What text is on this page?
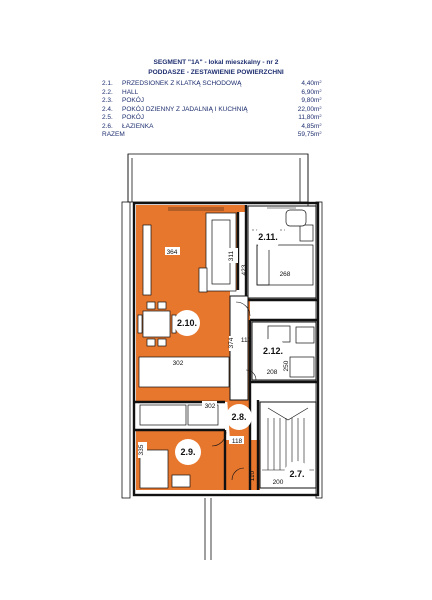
SEGMENT "1A" - lokal mieszkalny - nr 2
PODDASZE - ZESTAWIENIE POWIERZCHNI
2.1.	PRZEDSIONEK Z KLATKĄ SCHODOWĄ	4,40	$m^2$
2.2.	HALL	6,90	$m^2$
2.3.	POKÓJ	9,80	$m^2$
2.4.	POKÓJ DZIENNY Z JADALNIĄ I KUCHNIĄ	22,00	$m^2$
2.5.	POKÓJ	11,80	$m^2$
2.6.	ŁAZIENKA	4,85	$m^2$
RAZEM		59,75	$m^2$
2.10.
2.11.
2.12.
2.8.
2.9.
2.7.
364	311
423	268
110
374
302
208
250
302
118
335
110
200
